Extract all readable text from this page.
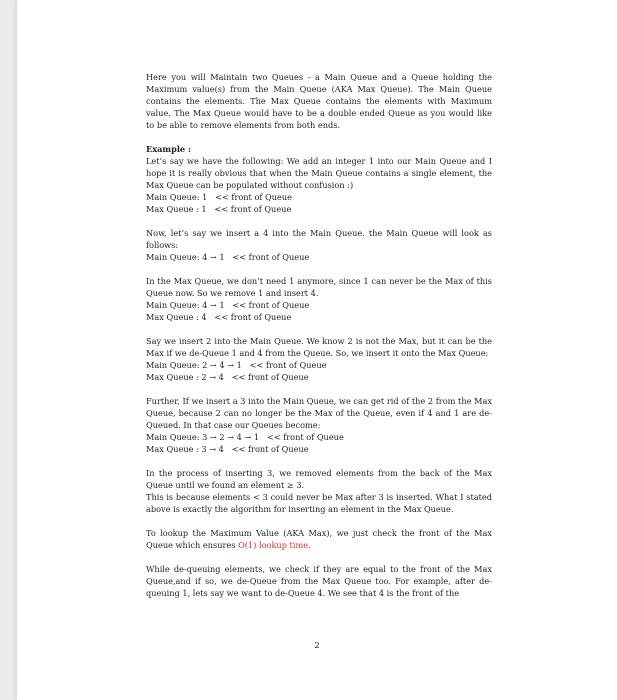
Here you will Maintain two Queues - a Main Queue and a Queue holding the Maximum value(s) from the Main Queue (AKA Max Queue). The Main Queue contains the elements. The Max Queue contains the elements with Maximum value. The Max Queue would have to be a double ended Queue as you would like to be able to remove elements from both ends.

Example :

Let’s say we have the following: We add an integer 1 into our Main Queue and I hope it is really obvious that when the Main Queue contains a single element, the Max Queue can be populated without confusion :)

Main Queue: 1   << front of Queue
Max Queue : 1   << front of Queue

Now, let’s say we insert a 4 into the Main Queue. the Main Queue will look as follows:

Main Queue: 4 → 1   << front of Queue

In the Max Queue, we don’t need 1 anymore, since 1 can never be the Max of this Queue now. So we remove 1 and insert 4.

Main Queue: 4 → 1   << front of Queue
Max Queue : 4   << front of Queue

Say we insert 2 into the Main Queue. We know 2 is not the Max, but it can be the Max if we de-Queue 1 and 4 from the Queue. So, we insert it onto the Max Queue:

Main Queue: 2 → 4 → 1   << front of Queue
Max Queue : 2 → 4   << front of Queue

Further, If we insert a 3 into the Main Queue, we can get rid of the 2 from the Max Queue, because 2 can no longer be the Max of the Queue, even if 4 and 1 are de-Queued. In that case our Queues become:

Main Queue: 3 → 2 → 4 → 1   << front of Queue
Max Queue : 3 → 4   << front of Queue

In the process of inserting 3, we removed elements from the back of the Max Queue until we found an element ≥ 3.

This is because elements < 3 could never be Max after 3 is inserted. What I stated above is exactly the algorithm for inserting an element in the Max Queue.

To lookup the Maximum Value (AKA Max), we just check the front of the Max Queue which ensures O(1) lookup time.

While de-queuing elements, we check if they are equal to the front of the Max Queue,and if so, we de-Queue from the Max Queue too. For example, after de-queuing 1, lets say we want to de-Queue 4. We see that 4 is the front of the

2
